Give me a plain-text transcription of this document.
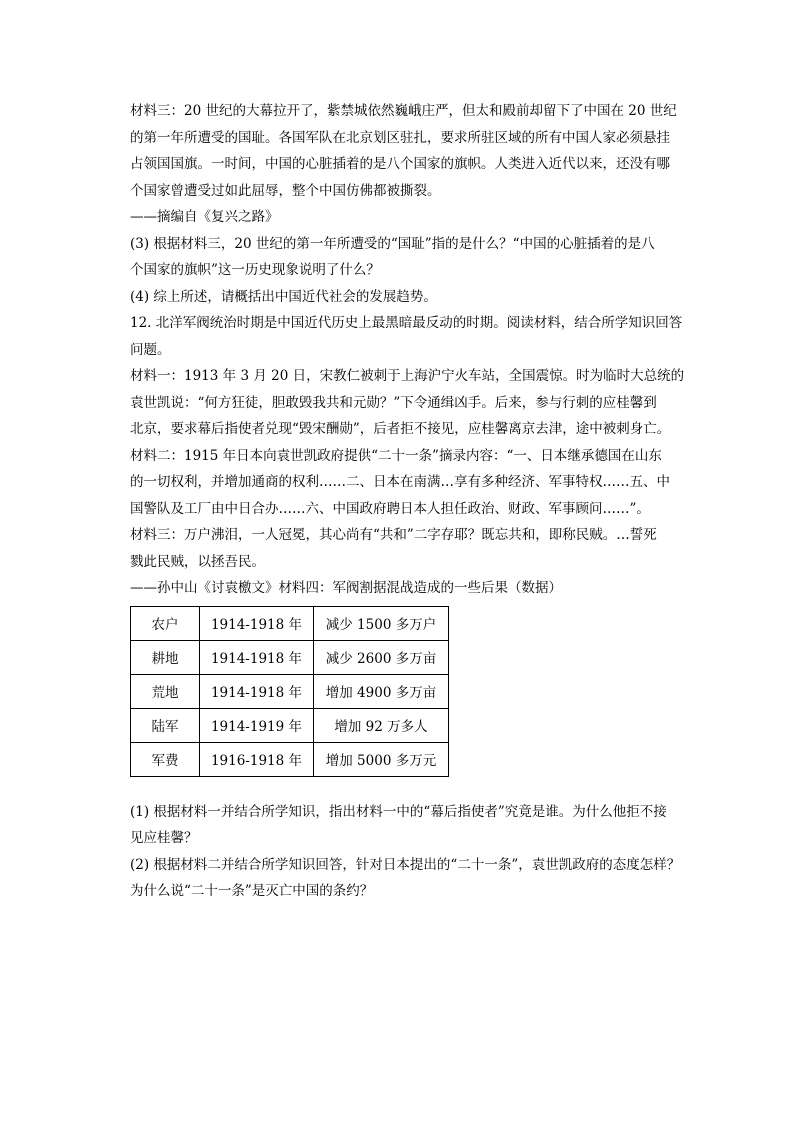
材料三：20 世纪的大幕拉开了，紫禁城依然巍峨庄严，但太和殿前却留下了中国在 20 世纪
的第一年所遭受的国耻。各国军队在北京划区驻扎，要求所驻区域的所有中国人家必须悬挂
占领国国旗。一时间，中国的心脏插着的是八个国家的旗帜。人类进入近代以来，还没有哪
个国家曾遭受过如此屈辱，整个中国仿佛都被撕裂。
——摘编自《复兴之路》
(3) 根据材料三，20 世纪的第一年所遭受的“国耻”指的是什么？“中国的心脏插着的是八
个国家的旗帜”这一历史现象说明了什么？
(4) 综上所述，请概括出中国近代社会的发展趋势。
12. 北洋军阀统治时期是中国近代历史上最黑暗最反动的时期。阅读材料，结合所学知识回答
问题。
材料一：1913 年 3 月 20 日，宋教仁被刺于上海沪宁火车站，全国震惊。时为临时大总统的
袁世凯说：“何方狂徒，胆敢毁我共和元勋？”下令通缉凶手。后来，参与行刺的应桂馨到
北京，要求幕后指使者兑现“毁宋酬勋”，后者拒不接见，应桂馨离京去津，途中被刺身亡。
材料二：1915 年日本向袁世凯政府提供“二十一条”摘录内容：“一、日本继承德国在山东
的一切权利，并增加通商的权利……二、日本在南满…享有多种经济、军事特权……五、中
国警队及工厂由中日合办……六、中国政府聘日本人担任政治、财政、军事顾问……”。
材料三：万户沸泪，一人冠冕，其心尚有“共和”二字存耶？既忘共和，即称民贼。…誓死
戮此民贼，以拯吾民。
——孙中山《讨袁檄文》材料四：军阀割据混战造成的一些后果（数据）
农户	1914-1918 年	减少 1500 多万户
耕地	1914-1918 年	减少 2600 多万亩
荒地	1914-1918 年	增加 4900 多万亩
陆军	1914-1919 年	增加 92 万多人
军费	1916-1918 年	增加 5000 多万元
(1) 根据材料一并结合所学知识，指出材料一中的“幕后指使者”究竟是谁。为什么他拒不接
见应桂馨？
(2) 根据材料二并结合所学知识回答，针对日本提出的“二十一条”，袁世凯政府的态度怎样？
为什么说“二十一条”是灭亡中国的条约？
